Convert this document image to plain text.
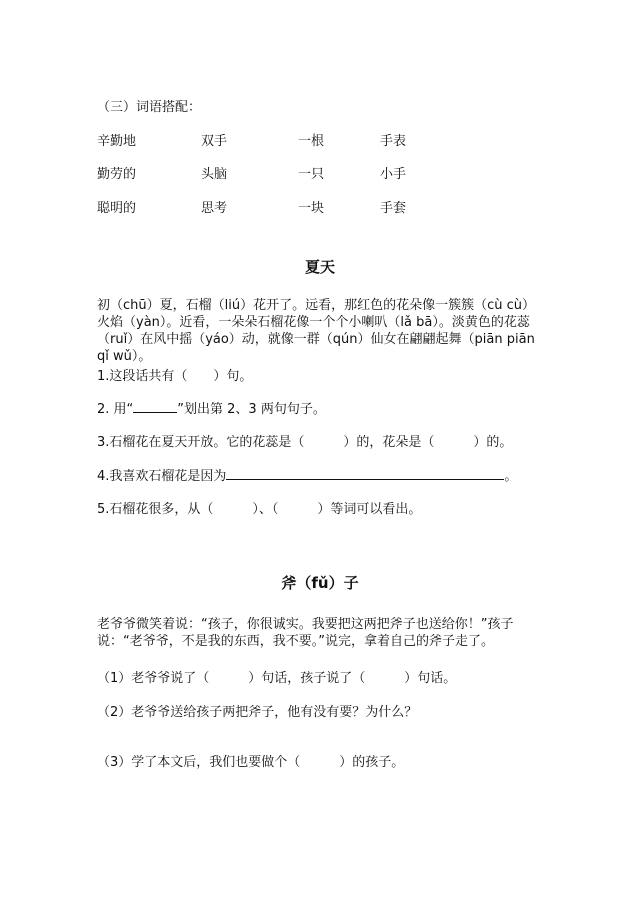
（三）词语搭配：
辛勤地	双手	一根	手表
勤劳的	头脑	一只	小手
聪明的	思考	一块	手套
夏天
初（chū）夏，石榴（liú）花开了。远看，那红色的花朵像一簇簇（cù cù）火焰（yàn）。近看，一朵朵石榴花像一个个小喇叭（lǎ bā）。淡黄色的花蕊（ruǐ）在风中摇（yáo）动，就像一群（qún）仙女在翩翩起舞（piān piān qǐ wǔ）。
1.这段话共有（　　）句。
2. 用“	”划出第 2、3 两句句子。
3.石榴花在夏天开放。它的花蕊是（　　　）的，花朵是（　　　）的。
4.我喜欢石榴花是因为	。
5.石榴花很多，从（　　　）、（　　　）等词可以看出。
斧（fǔ）子
老爷爷微笑着说：“孩子，你很诚实。我要把这两把斧子也送给你！”孩子说：“老爷爷，不是我的东西，我不要。”说完，拿着自己的斧子走了。
（1）老爷爷说了（　　　）句话，孩子说了（　　　）句话。
（2）老爷爷送给孩子两把斧子，他有没有要？为什么？
（3）学了本文后，我们也要做个（　　　）的孩子。
